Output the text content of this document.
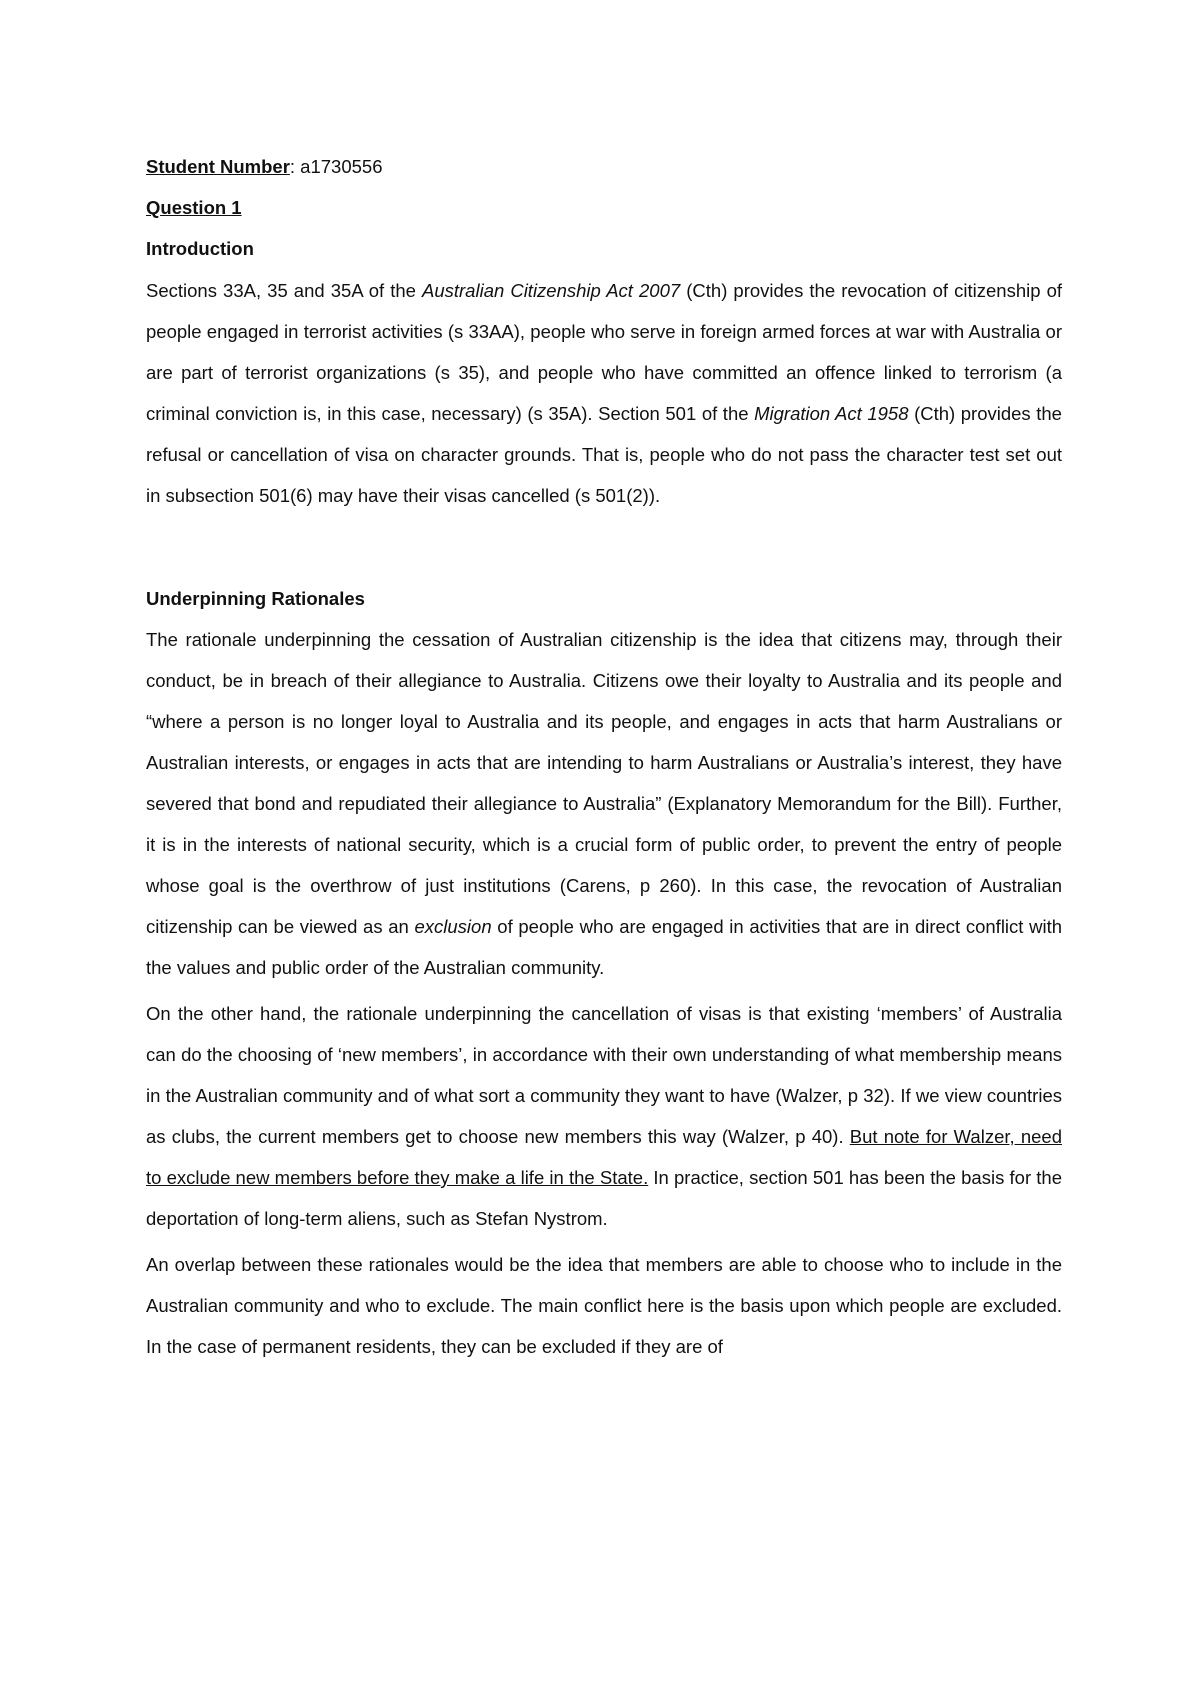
Student Number: a1730556

Question 1

Introduction

Sections 33A, 35 and 35A of the Australian Citizenship Act 2007 (Cth) provides the revocation of citizenship of people engaged in terrorist activities (s 33AA), people who serve in foreign armed forces at war with Australia or are part of terrorist organizations (s 35), and people who have committed an offence linked to terrorism (a criminal conviction is, in this case, necessary) (s 35A). Section 501 of the Migration Act 1958 (Cth) provides the refusal or cancellation of visa on character grounds. That is, people who do not pass the character test set out in subsection 501(6) may have their visas cancelled (s 501(2)).

Underpinning Rationales

The rationale underpinning the cessation of Australian citizenship is the idea that citizens may, through their conduct, be in breach of their allegiance to Australia. Citizens owe their loyalty to Australia and its people and “where a person is no longer loyal to Australia and its people, and engages in acts that harm Australians or Australian interests, or engages in acts that are intending to harm Australians or Australia’s interest, they have severed that bond and repudiated their allegiance to Australia” (Explanatory Memorandum for the Bill). Further, it is in the interests of national security, which is a crucial form of public order, to prevent the entry of people whose goal is the overthrow of just institutions (Carens, p 260). In this case, the revocation of Australian citizenship can be viewed as an exclusion of people who are engaged in activities that are in direct conflict with the values and public order of the Australian community.

On the other hand, the rationale underpinning the cancellation of visas is that existing ‘members’ of Australia can do the choosing of ‘new members’, in accordance with their own understanding of what membership means in the Australian community and of what sort a community they want to have (Walzer, p 32). If we view countries as clubs, the current members get to choose new members this way (Walzer, p 40). But note for Walzer, need to exclude new members before they make a life in the State. In practice, section 501 has been the basis for the deportation of long-term aliens, such as Stefan Nystrom.

An overlap between these rationales would be the idea that members are able to choose who to include in the Australian community and who to exclude. The main conflict here is the basis upon which people are excluded. In the case of permanent residents, they can be excluded if they are of
